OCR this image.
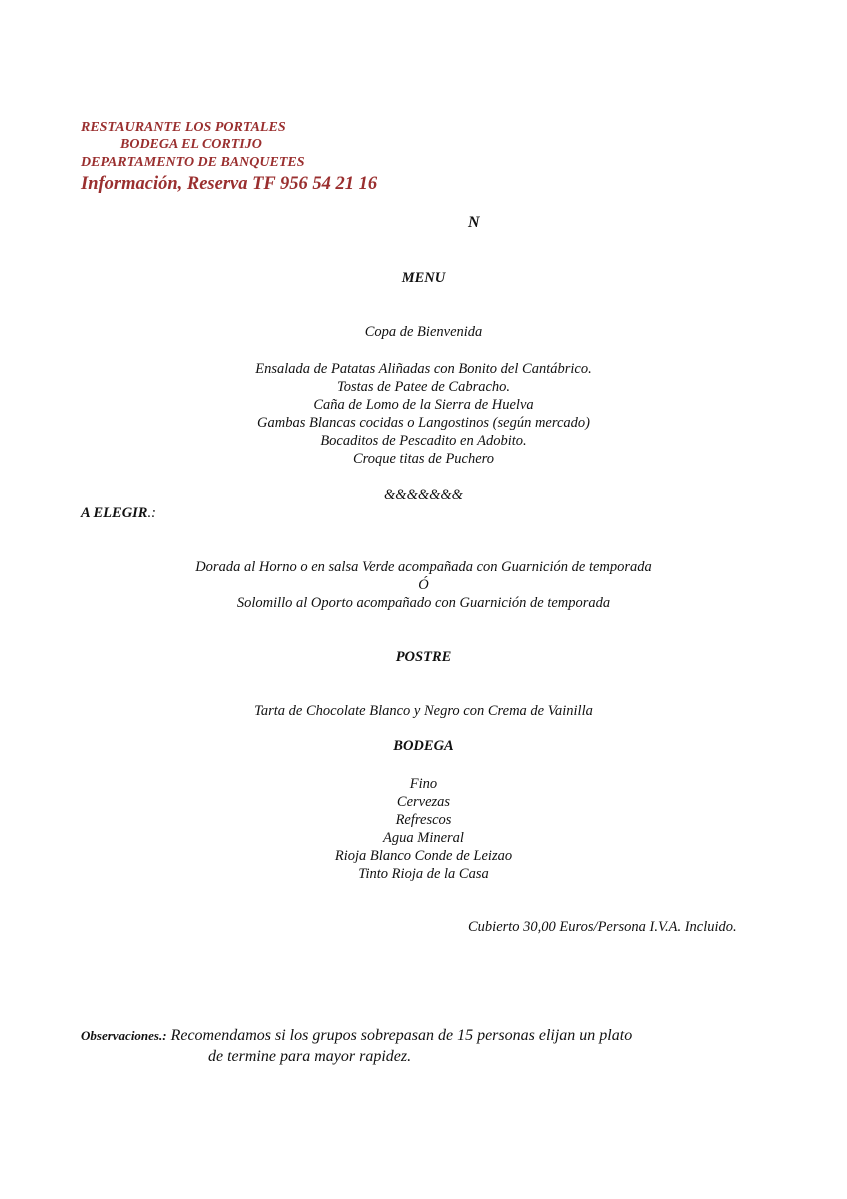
RESTAURANTE LOS PORTALES
BODEGA EL CORTIJO
DEPARTAMENTO DE BANQUETES
Información, Reserva TF 956 54 21 16
N
MENU
Copa de Bienvenida
Ensalada de Patatas Aliñadas con Bonito del Cantábrico.
Tostas de Patee de Cabracho.
Caña de Lomo de la Sierra de Huelva
Gambas Blancas cocidas o Langostinos (según mercado)
Bocaditos de Pescadito en Adobito.
Croque titas de Puchero
&&&&&&&
A ELEGIR.:
Dorada al Horno o en salsa Verde acompañada con Guarnición de temporada
Ó
Solomillo al Oporto acompañado con Guarnición de temporada
POSTRE
Tarta de Chocolate Blanco y Negro con Crema de Vainilla
BODEGA
Fino
Cervezas
Refrescos
Agua Mineral
Rioja Blanco Conde de Leizao
Tinto Rioja de la Casa
Cubierto 30,00 Euros/Persona I.V.A. Incluido.
Observaciones.: Recomendamos si los grupos sobrepasan de 15 personas elijan un plato
de termine para mayor rapidez.
